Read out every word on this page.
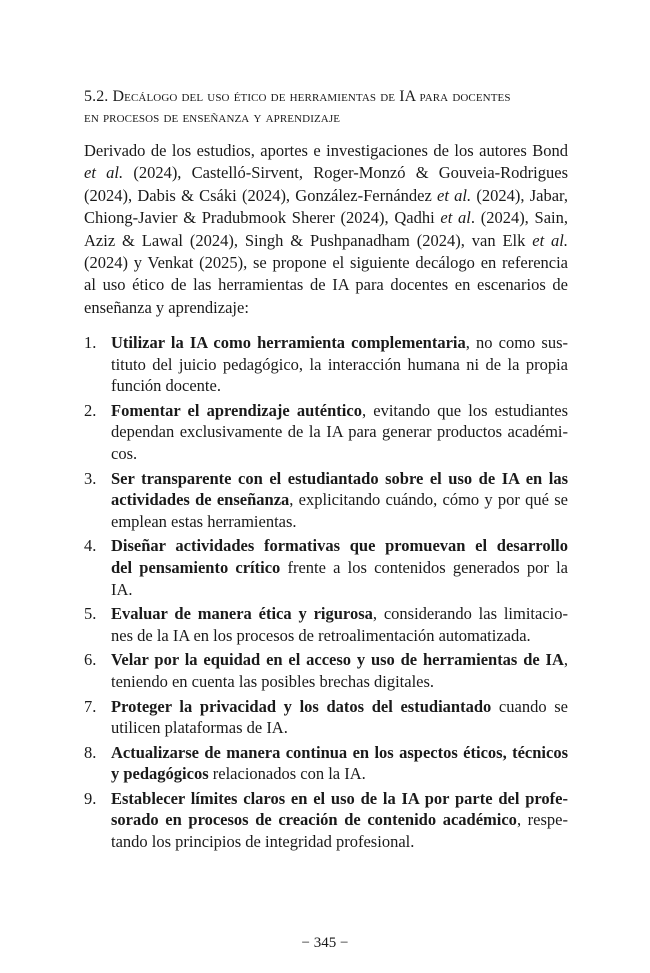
5.2. Decálogo del uso ético de herramientas de IA para docentes
en procesos de enseñanza y aprendizaje
Derivado de los estudios, aportes e investigaciones de los autores Bond
et al. (2024), Castelló-Sirvent, Roger-Monzó & Gouveia-Rodrigues
(2024), Dabis & Csáki (2024), González-Fernández et al. (2024), Jabar,
Chiong-Javier & Pradubmook Sherer (2024), Qadhi et al. (2024), Sain,
Aziz & Lawal (2024), Singh & Pushpanadham (2024), van Elk et al.
(2024) y Venkat (2025), se propone el siguiente decálogo en referencia
al uso ético de las herramientas de IA para docentes en escenarios de
enseñanza y aprendizaje:
1. Utilizar la IA como herramienta complementaria, no como sus-
tituto del juicio pedagógico, la interacción humana ni de la propia
función docente.
2. Fomentar el aprendizaje auténtico, evitando que los estudiantes
dependan exclusivamente de la IA para generar productos académi-
cos.
3. Ser transparente con el estudiantado sobre el uso de IA en las
actividades de enseñanza, explicitando cuándo, cómo y por qué se
emplean estas herramientas.
4. Diseñar actividades formativas que promuevan el desarrollo
del pensamiento crítico frente a los contenidos generados por la
IA.
5. Evaluar de manera ética y rigurosa, considerando las limitacio-
nes de la IA en los procesos de retroalimentación automatizada.
6. Velar por la equidad en el acceso y uso de herramientas de IA,
teniendo en cuenta las posibles brechas digitales.
7. Proteger la privacidad y los datos del estudiantado cuando se
utilicen plataformas de IA.
8. Actualizarse de manera continua en los aspectos éticos, técnicos
y pedagógicos relacionados con la IA.
9. Establecer límites claros en el uso de la IA por parte del profe-
sorado en procesos de creación de contenido académico, respe-
tando los principios de integridad profesional.
− 345 −
